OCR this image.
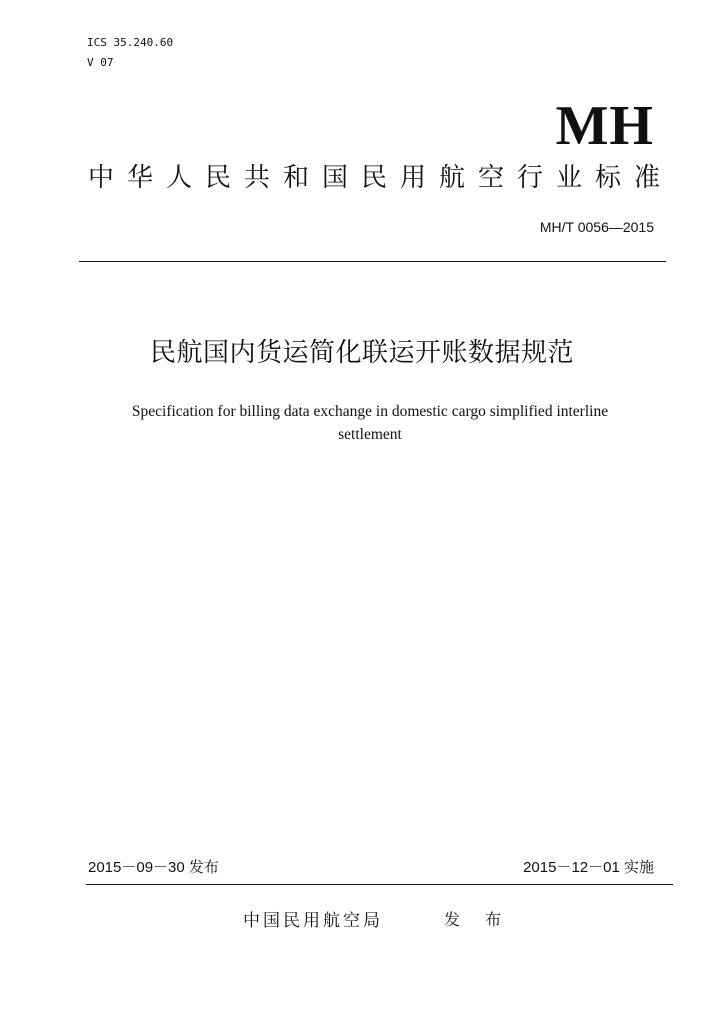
ICS 35.240.60
V 07
MH
中华人民共和国民用航空行业标准
MH/T 0056—2015
民航国内货运简化联运开账数据规范
Specification for billing data exchange in domestic cargo simplified interline settlement
2015－09－30 发布	2015－12－01 实施
中国民用航空局	发 布
